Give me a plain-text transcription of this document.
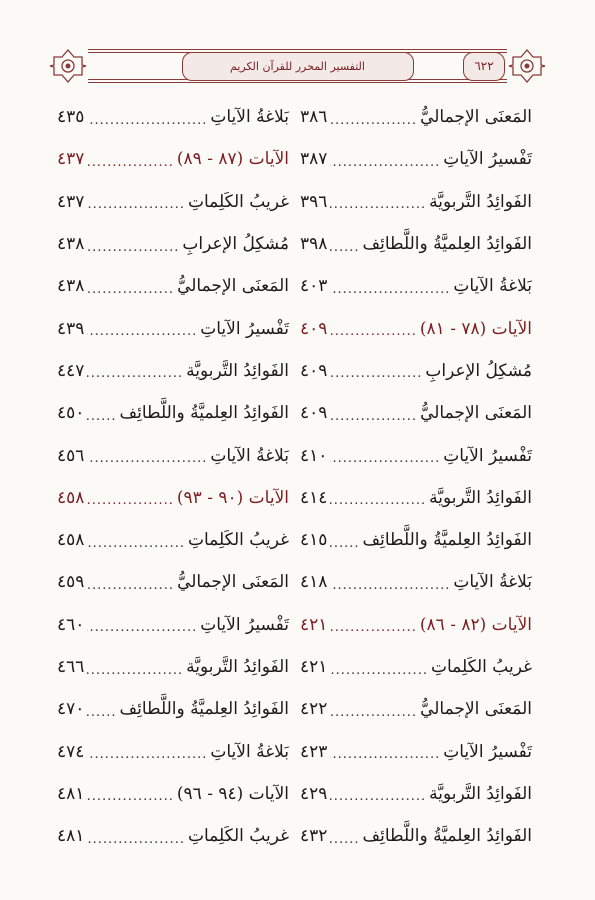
التفسير المحرر للقرآن الكريم	٦٢٢
المَعنَى الإجماليُّ
.....
٣٨٦
تَفْسيرُ الآياتِ
.....
٣٨٧
الفَوائِدُ التَّربويَّة
.....
٣٩٦
الفَوائِدُ العِلميَّةُ واللَّطائِف
.....
٣٩٨
بَلاغةُ الآياتِ
.....
٤٠٣
الآيات (٧٨ - ٨١)
.....
٤٠٩
مُشكِلُ الإعرابِ
.....
٤٠٩
المَعنَى الإجماليُّ
.....
٤٠٩
تَفْسيرُ الآياتِ
.....
٤١٠
الفَوائِدُ التَّربويَّة
.....
٤١٤
الفَوائِدُ العِلميَّةُ واللَّطائِف
.....
٤١٥
بَلاغةُ الآياتِ
.....
٤١٨
الآيات (٨٢ - ٨٦)
.....
٤٢١
غريبُ الكَلِماتِ
.....
٤٢١
المَعنَى الإجماليُّ
.....
٤٢٢
تَفْسيرُ الآياتِ
.....
٤٢٣
الفَوائِدُ التَّربويَّة
.....
٤٢٩
الفَوائِدُ العِلميَّةُ واللَّطائِف
.....
٤٣٢
بَلاغةُ الآياتِ
.....
٤٣٥
الآيات (٨٧ - ٨٩)
.....
٤٣٧
غريبُ الكَلِماتِ
.....
٤٣٧
مُشكِلُ الإعرابِ
.....
٤٣٨
المَعنَى الإجماليُّ
.....
٤٣٨
تَفْسيرُ الآياتِ
.....
٤٣٩
الفَوائِدُ التَّربويَّة
.....
٤٤٧
الفَوائِدُ العِلميَّةُ واللَّطائِف
.....
٤٥٠
بَلاغةُ الآياتِ
.....
٤٥٦
الآيات (٩٠ - ٩٣)
.....
٤٥٨
غريبُ الكَلِماتِ
.....
٤٥٨
المَعنَى الإجماليُّ
.....
٤٥٩
تَفْسيرُ الآياتِ
.....
٤٦٠
الفَوائِدُ التَّربويَّة
.....
٤٦٦
الفَوائِدُ العِلميَّةُ واللَّطائِف
.....
٤٧٠
بَلاغةُ الآياتِ
.....
٤٧٤
الآيات (٩٤ - ٩٦)
.....
٤٨١
غريبُ الكَلِماتِ
.....
٤٨١
